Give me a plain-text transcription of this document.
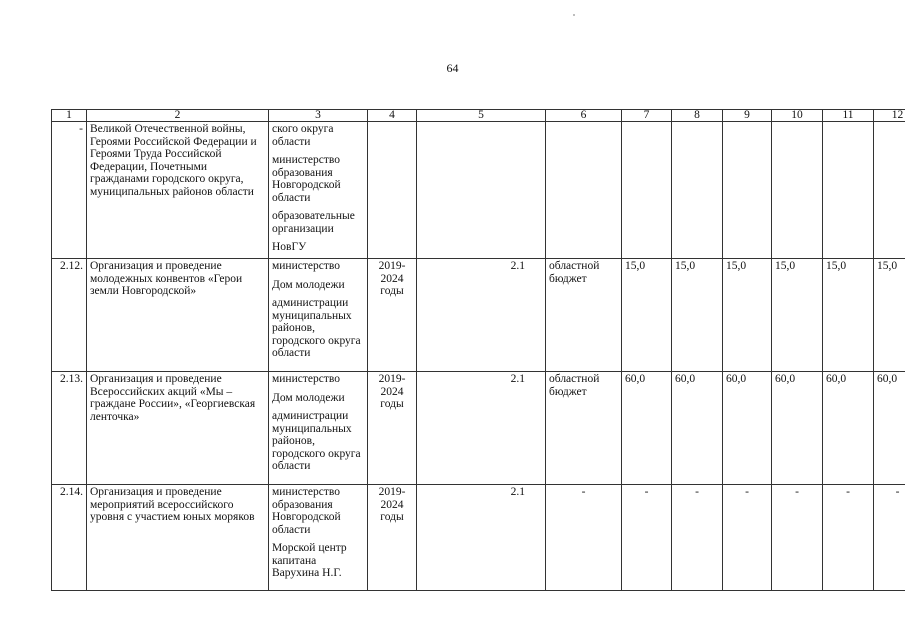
64
1	2	3	4	5	6	7	8	9	10	11	12
-	Великой Отечественной войны, Героями Российской Федерации и Героями Труда Российской Федерации, Почетными гражданами городского округа, муниципальных районов области	ского округа области

министерство образования Новгородской области

образовательные организации

НовГУ									

2.12.	Организация и проведение молодежных конвентов «Герои земли Новгородской»	министерство

Дом молодежи

администрации муниципальных районов, городского округа области	2019-2024 годы	2.1	областной бюджет	15,0	15,0	15,0	15,0	15,0	15,0
2.13.	Организация и проведение Всероссийских акций «Мы – граждане России», «Георгиевская ленточка»	министерство

Дом молодежи

администрации муниципальных районов, городского округа области	2019-2024 годы	2.1	областной бюджет	60,0	60,0	60,0	60,0	60,0	60,0
2.14.	Организация и проведение мероприятий всероссийского уровня с участием юных моряков	министерство образования Новгородской области

Морской центр капитана Варухина Н.Г.	2019-2024 годы	2.1	-	-	-	-	-	-	-
